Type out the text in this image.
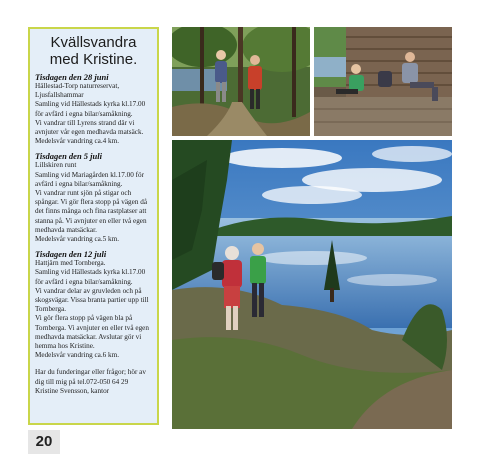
Kvällsvandra
med Kristine.
Tisdagen den 28 juni
Hällestad-Torp naturreservat,
Ljusfallshammar
Samling vid Hällestads kyrka kl.17.00
för avfärd i egna bilar/samåkning.
Vi vandrar till Lyrens strand där vi
avnjuter vår egen medhavda matsäck.
Medelsvår vandring ca.4 km.
Tisdagen den 5 juli
Lillskiren runt
Samling vid Mariagården kl.17.00 för
avfärd i egna bilar/samåkning.
Vi vandrar runt sjön på stigar och
spångar. Vi gör flera stopp på vägen då
det finns många och fina rastplatser att
stanna på. Vi avnjuter en eller två egen
medhavda matsäckar.
Medelsvår vandring ca.5 km.
Tisdagen den 12 juli
Hattjärn med Tornberga.
Samling vid Hällestads kyrka kl.17.00
för avfärd i egna bilar/samåkning.
Vi vandrar delar av gruvleden och på
skogsvägar. Vissa branta partier upp till
Tornberga.
Vi gör flera stopp på vägen bla på
Tornberga. Vi avnjuter en eller två egen
medhavda matsäckar. Avslutar gör vi
hemma hos Kristine.
Medelsvår vandring ca.6 km.
Har du funderingar eller frågor; hör av
dig till mig på tel.072-050 64 29
Kristine Svensson, kantor
20
